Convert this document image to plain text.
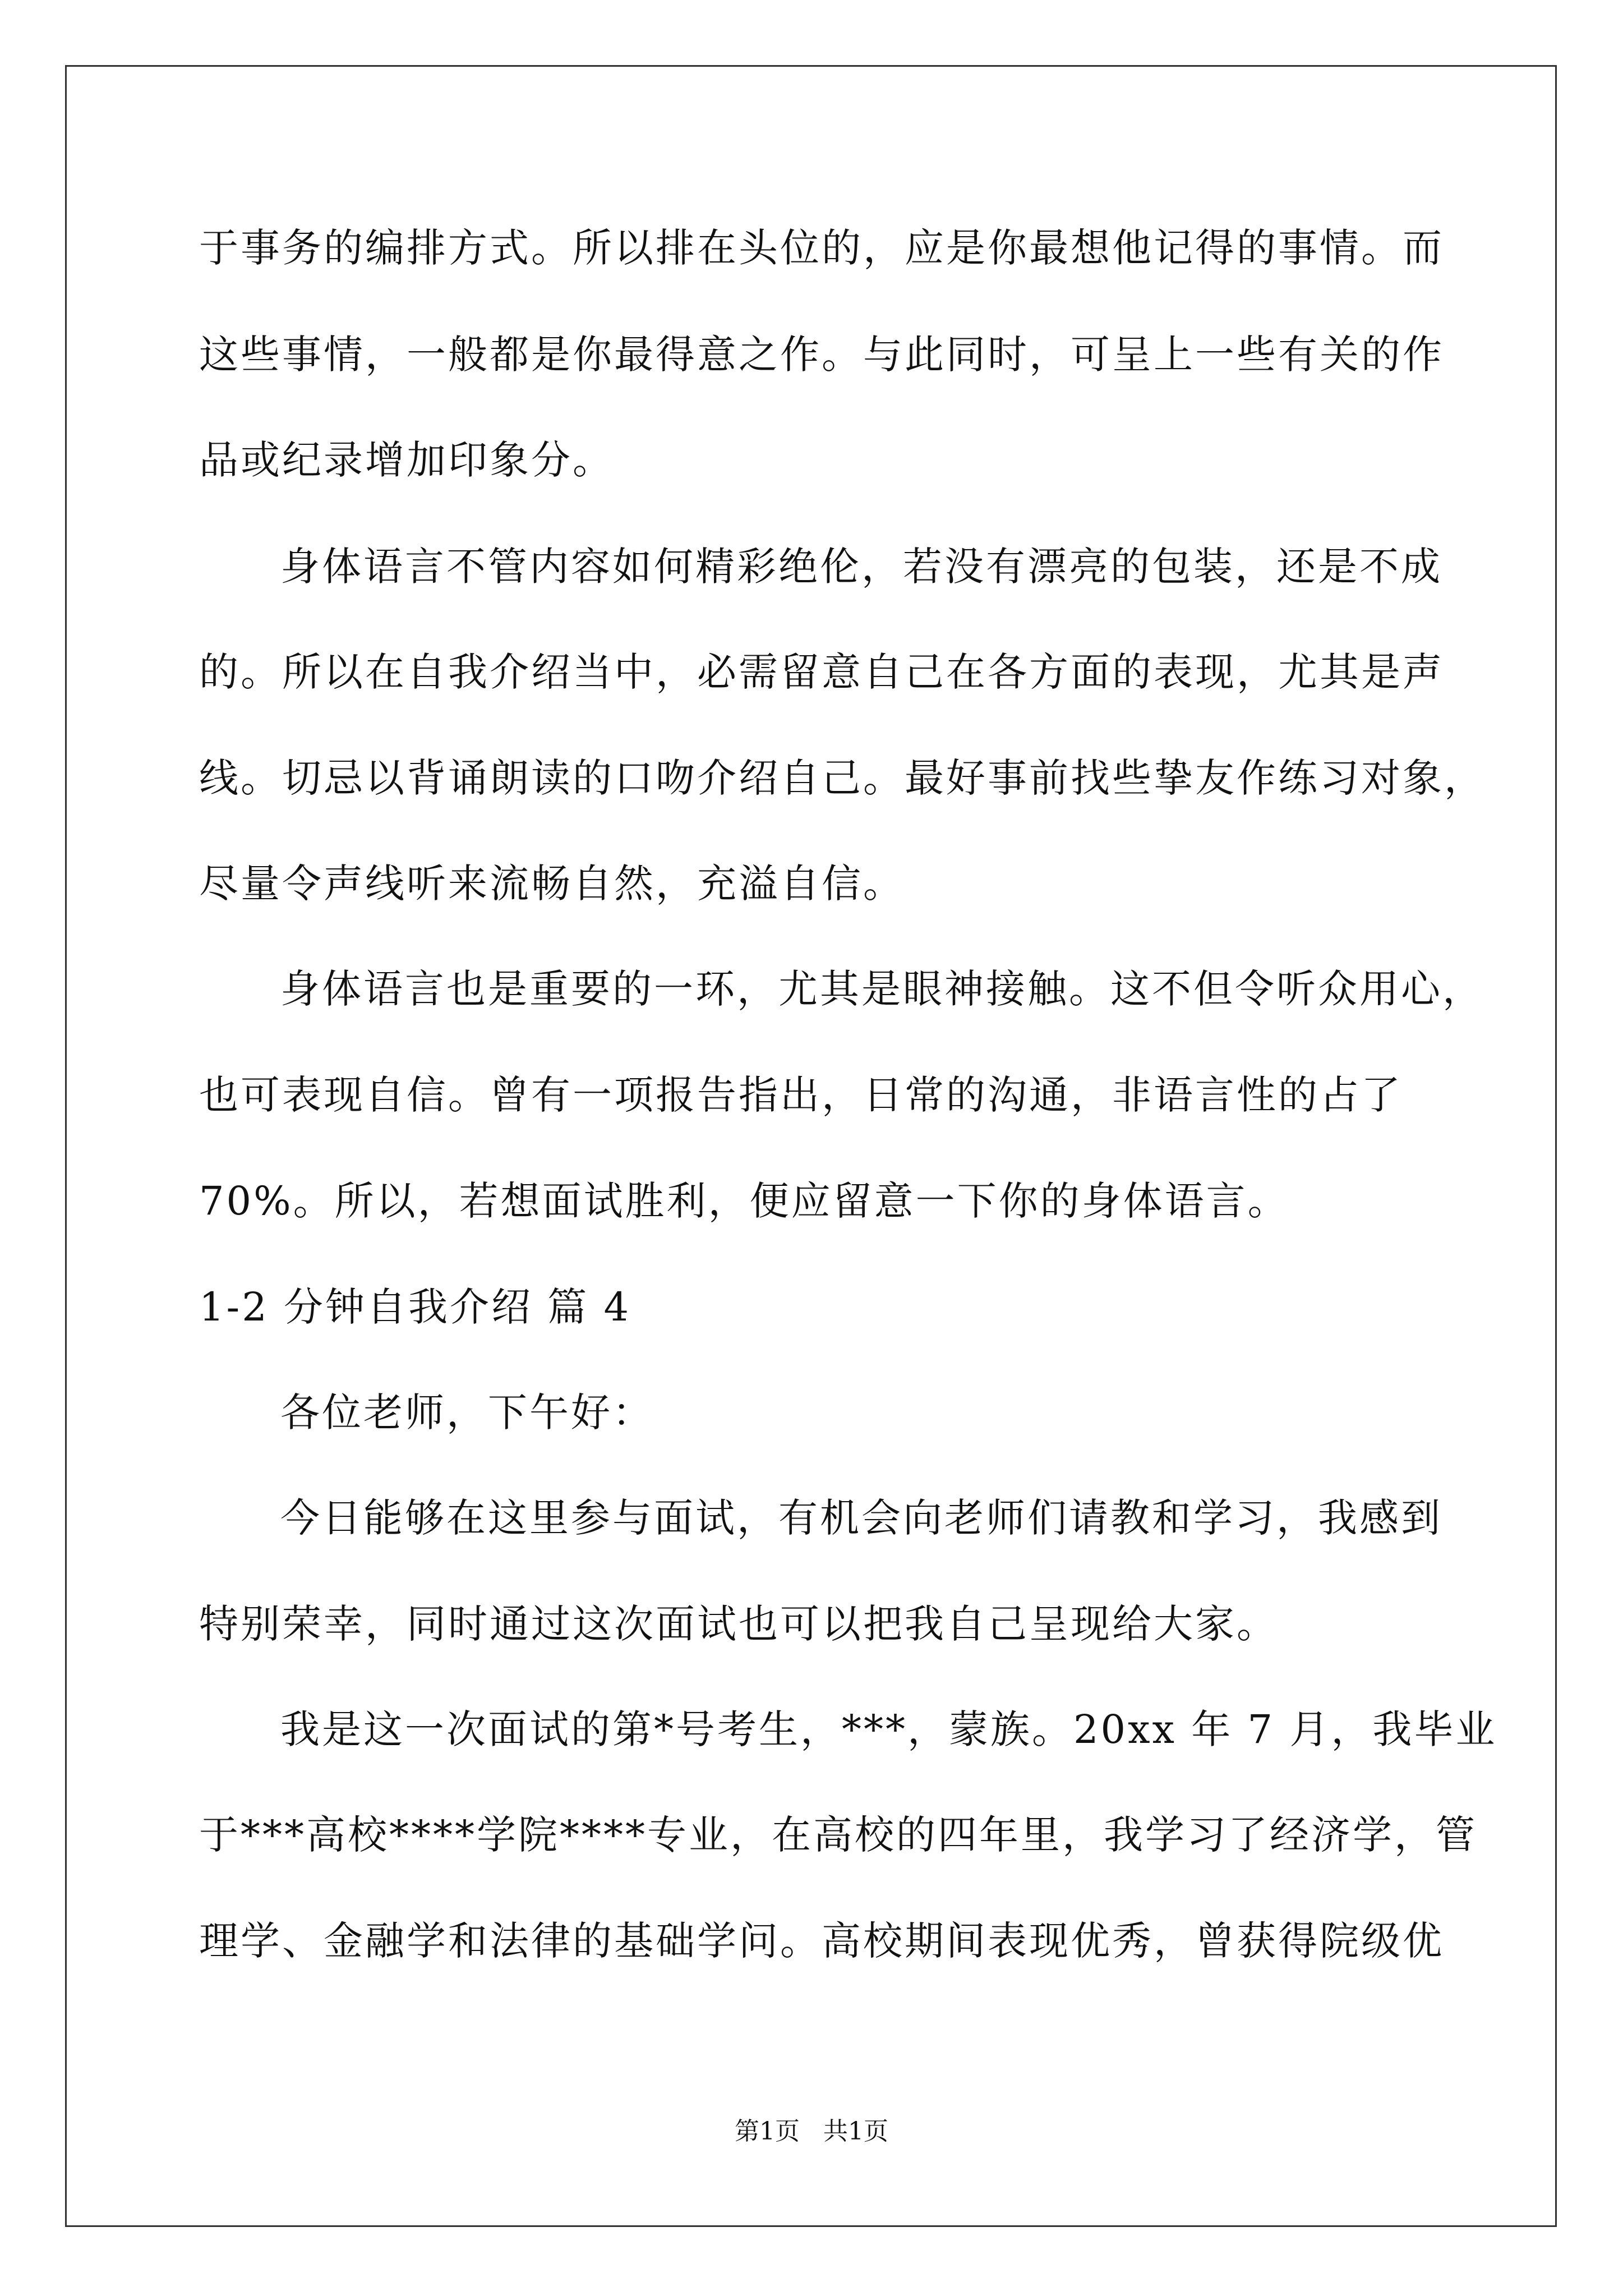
于事务的编排方式。所以排在头位的，应是你最想他记得的事情。而
这些事情，一般都是你最得意之作。与此同时，可呈上一些有关的作
品或纪录增加印象分。
身体语言不管内容如何精彩绝伦，若没有漂亮的包装，还是不成
的。所以在自我介绍当中，必需留意自己在各方面的表现，尤其是声
线。切忌以背诵朗读的口吻介绍自己。最好事前找些挚友作练习对象，
尽量令声线听来流畅自然，充溢自信。
身体语言也是重要的一环，尤其是眼神接触。这不但令听众用心，
也可表现自信。曾有一项报告指出，日常的沟通，非语言性的占了
70%。所以，若想面试胜利，便应留意一下你的身体语言。
1-2 分钟自我介绍 篇 4
各位老师，下午好：
今日能够在这里参与面试，有机会向老师们请教和学习，我感到
特别荣幸，同时通过这次面试也可以把我自己呈现给大家。
我是这一次面试的第*号考生，***，蒙族。20xx 年 7 月，我毕业
于***高校****学院****专业，在高校的四年里，我学习了经济学，管
理学、金融学和法律的基础学问。高校期间表现优秀，曾获得院级优
第1页   共1页
